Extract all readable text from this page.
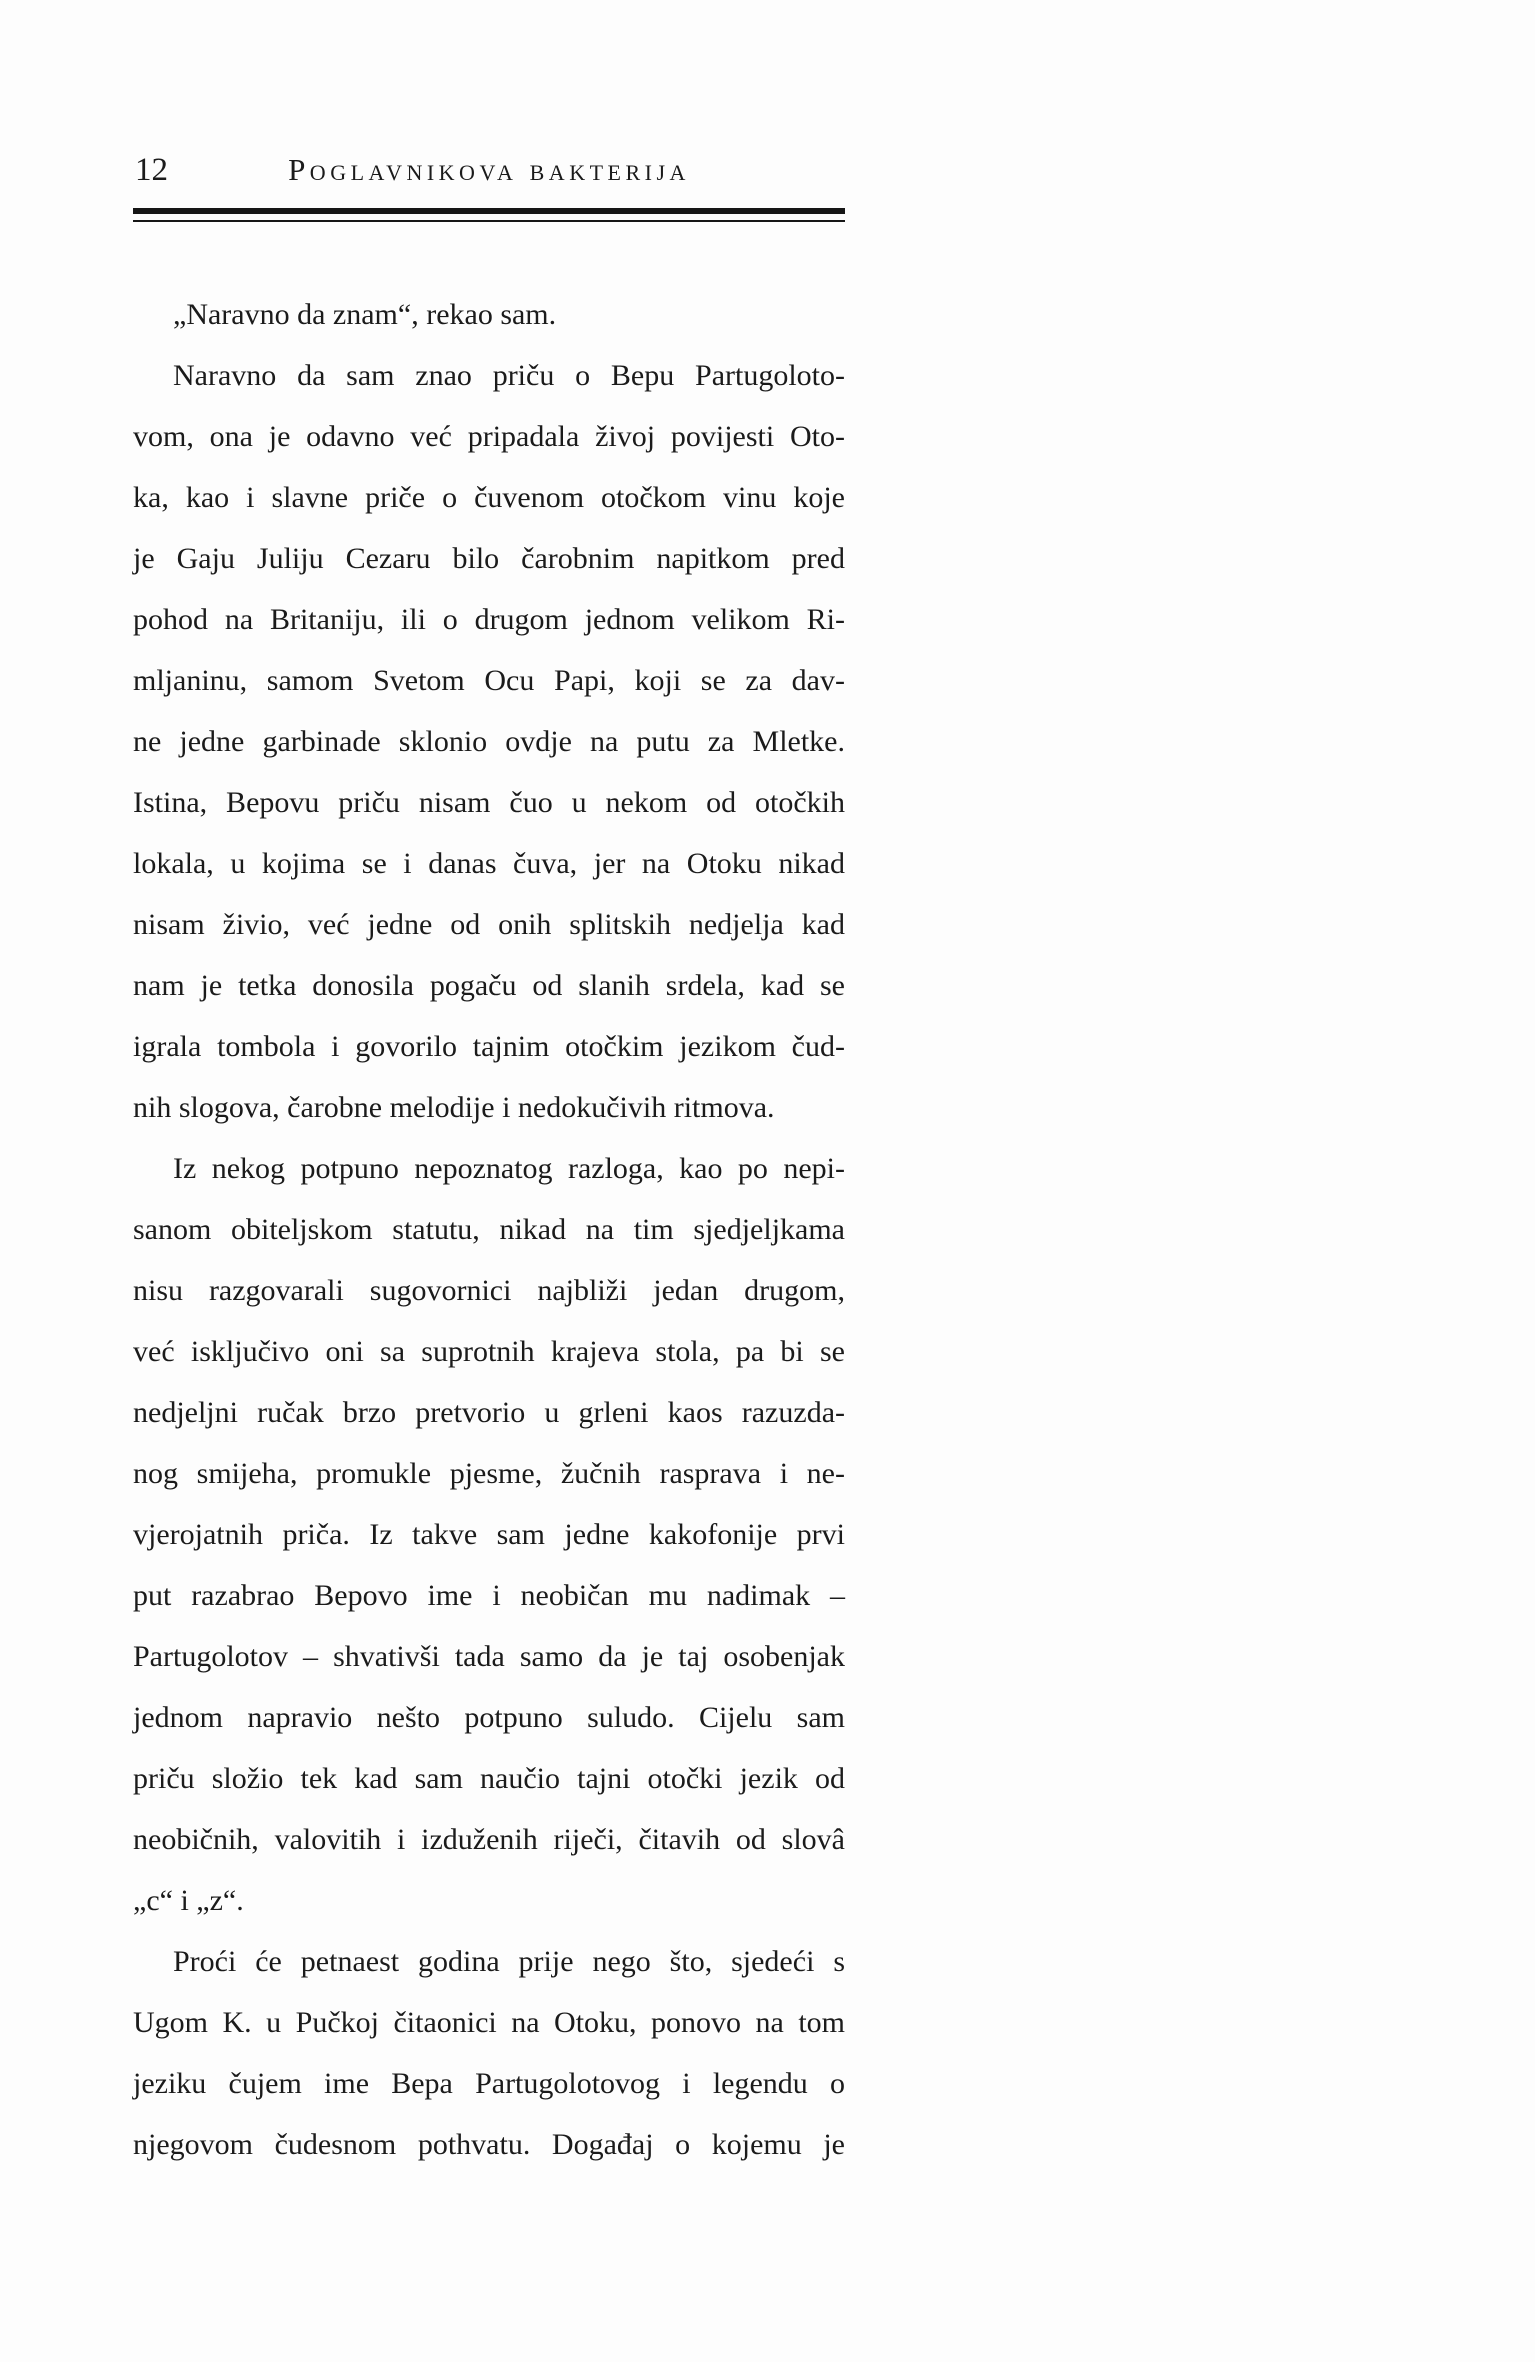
12	Poglavnikova bakterija
„Naravno da znam“, rekao sam.
Naravno da sam znao priču o Bepu Partugoloto-
vom, ona je odavno već pripadala živoj povijesti Oto-
ka, kao i slavne priče o čuvenom otočkom vinu koje
je Gaju Juliju Cezaru bilo čarobnim napitkom pred
pohod na Britaniju, ili o drugom jednom velikom Ri-
mljaninu, samom Svetom Ocu Papi, koji se za dav-
ne jedne garbinade sklonio ovdje na putu za Mletke.
Istina, Bepovu priču nisam čuo u nekom od otočkih
lokala, u kojima se i danas čuva, jer na Otoku nikad
nisam živio, već jedne od onih splitskih nedjelja kad
nam je tetka donosila pogaču od slanih srdela, kad se
igrala tombola i govorilo tajnim otočkim jezikom čud-
nih slogova, čarobne melodije i nedokučivih ritmova.
Iz nekog potpuno nepoznatog razloga, kao po nepi-
sanom obiteljskom statutu, nikad na tim sjedjeljkama
nisu razgovarali sugovornici najbliži jedan drugom,
već isključivo oni sa suprotnih krajeva stola, pa bi se
nedjeljni ručak brzo pretvorio u grleni kaos razuzda-
nog smijeha, promukle pjesme, žučnih rasprava i ne-
vjerojatnih priča. Iz takve sam jedne kakofonije prvi
put razabrao Bepovo ime i neobičan mu nadimak –
Partugolotov – shvativši tada samo da je taj osobenjak
jednom napravio nešto potpuno suludo. Cijelu sam
priču složio tek kad sam naučio tajni otočki jezik od
neobičnih, valovitih i izduženih riječi, čitavih od slovâ
„c“ i „z“.
Proći će petnaest godina prije nego što, sjedeći s
Ugom K. u Pučkoj čitaonici na Otoku, ponovo na tom
jeziku čujem ime Bepa Partugolotovog i legendu o
njegovom čudesnom pothvatu. Događaj o kojemu je
